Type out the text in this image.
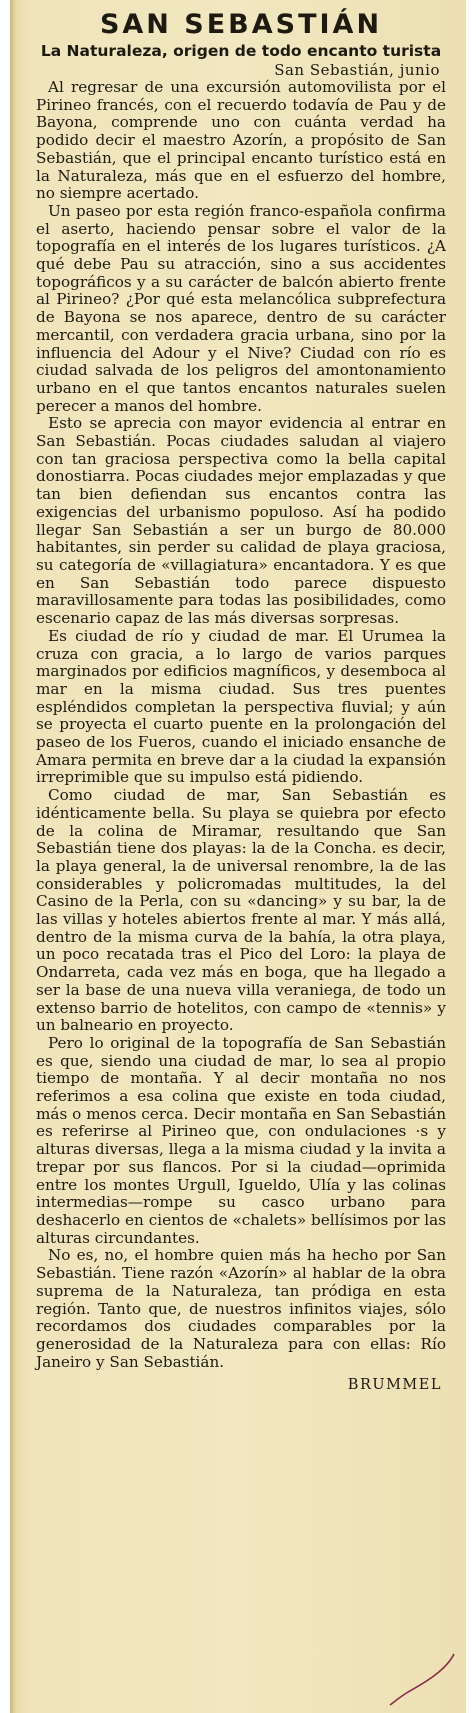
SAN SEBASTIÁN
La Naturaleza, origen de todo encanto turista
San Sebastián, junio

Al regresar de una excursión automovilista por el Pirineo francés, con el recuerdo todavía de Pau y de Bayona, comprende uno con cuánta verdad ha podido decir el maestro Azorín, a propósito de San Sebastián, que el principal encanto turístico está en la Naturaleza, más que en el esfuerzo del hombre, no siempre acertado.

Un paseo por esta región franco-española confirma el aserto, haciendo pensar sobre el valor de la topografía en el interés de los lugares turísticos. ¿A qué debe Pau su atracción, sino a sus accidentes topográficos y a su carácter de balcón abierto frente al Pirineo? ¿Por qué esta melancólica subprefectura de Bayona se nos aparece, dentro de su carácter mercantil, con verdadera gracia urbana, sino por la influencia del Adour y el Nive? Ciudad con río es ciudad salvada de los peligros del amontonamiento urbano en el que tantos encantos naturales suelen perecer a manos del hombre.

Esto se aprecia con mayor evidencia al entrar en San Sebastián. Pocas ciudades saludan al viajero con tan graciosa perspectiva como la bella capital donostiarra. Pocas ciudades mejor emplazadas y que tan bien defiendan sus encantos contra las exigencias del urbanismo populoso. Así ha podido llegar San Sebastián a ser un burgo de 80.000 habitantes, sin perder su calidad de playa graciosa, su categoría de «villagiatura» encantadora. Y es que en San Sebastián todo parece dispuesto maravillosamente para todas las posibilidades, como escenario capaz de las más diversas sorpresas.

Es ciudad de río y ciudad de mar. El Urumea la cruza con gracia, a lo largo de varios parques marginados por edificios magníficos, y desemboca al mar en la misma ciudad. Sus tres puentes espléndidos completan la perspectiva fluvial; y aún se proyecta el cuarto puente en la prolongación del paseo de los Fueros, cuando el iniciado ensanche de Amara permita en breve dar a la ciudad la expansión irreprimible que su impulso está pidiendo.

Como ciudad de mar, San Sebastián es idénticamente bella. Su playa se quiebra por efecto de la colina de Miramar, resultando que San Sebastián tiene dos playas: la de la Concha. es decir, la playa general, la de universal renombre, la de las considerables y policromadas multitudes, la del Casino de la Perla, con su «dancing» y su bar, la de las villas y hoteles abiertos frente al mar. Y más allá, dentro de la misma curva de la bahía, la otra playa, un poco recatada tras el Pico del Loro: la playa de Ondarreta, cada vez más en boga, que ha llegado a ser la base de una nueva villa veraniega, de todo un extenso barrio de hotelitos, con campo de «tennis» y un balneario en proyecto.

Pero lo original de la topografía de San Sebastián es que, siendo una ciudad de mar, lo sea al propio tiempo de montaña. Y al decir montaña no nos referimos a esa colina que existe en toda ciudad, más o menos cerca. Decir montaña en San Sebastián es referirse al Pirineo que, con ondulaciones ·s y alturas diversas, llega a la misma ciudad y la invita a trepar por sus flancos. Por si la ciudad—oprimida entre los montes Urgull, Igueldo, Ulía y las colinas intermedias—rompe su casco urbano para deshacerlo en cientos de «chalets» bellísimos por las alturas circundantes.

No es, no, el hombre quien más ha hecho por San Sebastián. Tiene razón «Azorín» al hablar de la obra suprema de la Naturaleza, tan pródiga en esta región. Tanto que, de nuestros infinitos viajes, sólo recordamos dos ciudades comparables por la generosidad de la Naturaleza para con ellas: Río Janeiro y San Sebastián.

BRUMMEL
